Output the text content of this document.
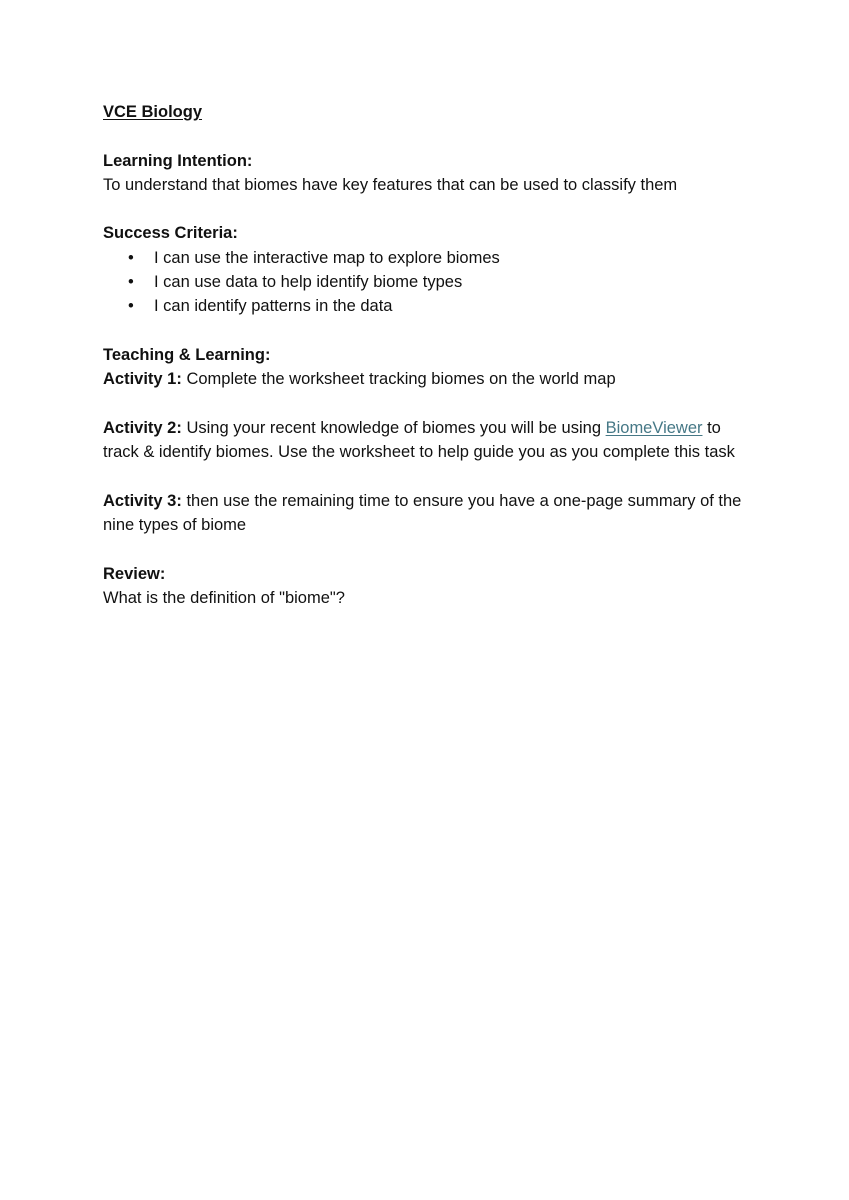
VCE Biology
Learning Intention:
To understand that biomes have key features that can be used to classify them
Success Criteria:
• I can use the interactive map to explore biomes
• I can use data to help identify biome types
• I can identify patterns in the data
Teaching & Learning:
Activity 1: Complete the worksheet tracking biomes on the world map
Activity 2: Using your recent knowledge of biomes you will be using BiomeViewer to
track & identify biomes. Use the worksheet to help guide you as you complete this task
Activity 3: then use the remaining time to ensure you have a one-page summary of the
nine types of biome
Review:
What is the definition of "biome"?
